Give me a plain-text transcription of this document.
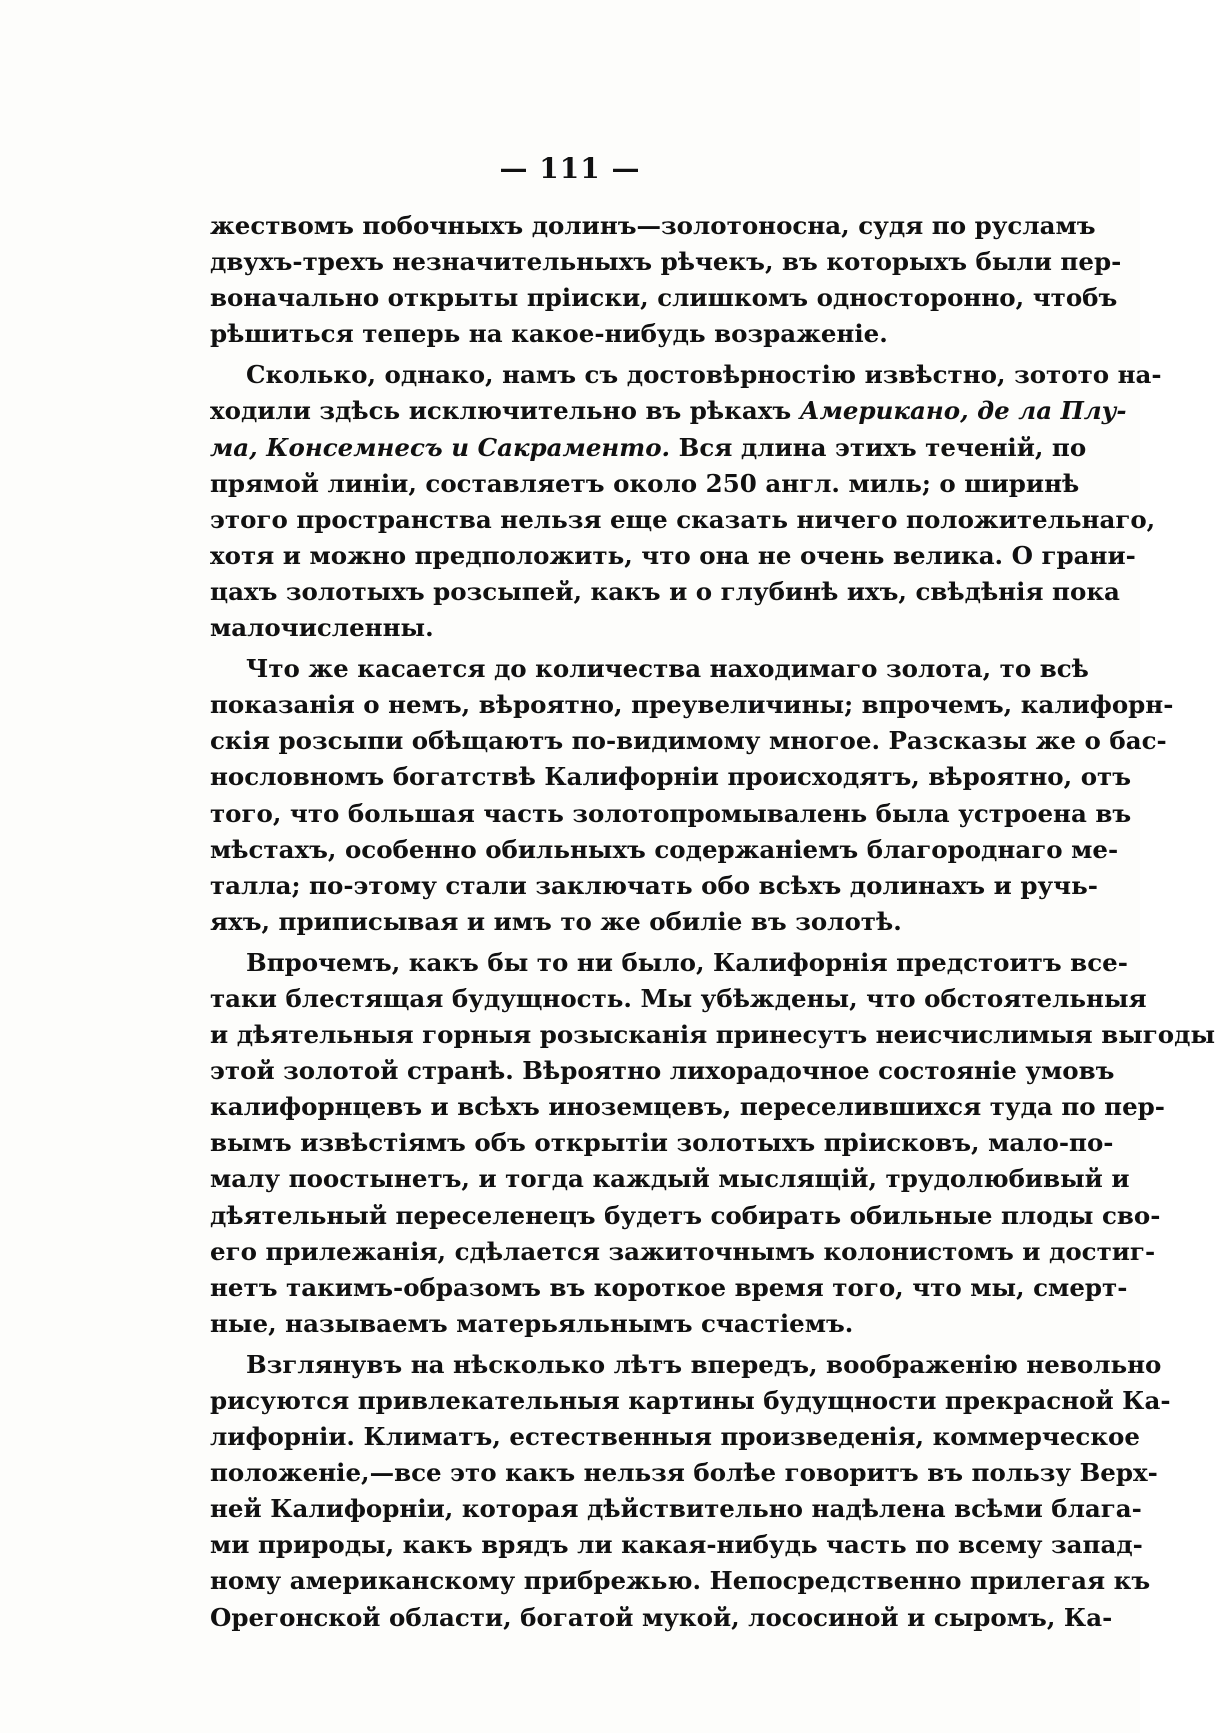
— 111 —
жествомъ побочныхъ долинъ—золотоносна, судя по русламъ
двухъ-трехъ незначительныхъ рѣчекъ, въ которыхъ были пер-
воначально открыты пріиски, слишкомъ односторонно, чтобъ
рѣшиться теперь на какое-нибудь возраженіе.
Сколько, однако, намъ съ достовѣрностію извѣстно, зототo на-
ходили здѣсь исключительно въ рѣкахъ Американо, де ла Плу-
ма, Консемнесъ и Сакраменто. Вся длина этихъ теченій, по
прямой линіи, составляетъ около 250 англ. миль; о ширинѣ
этого пространства нельзя еще сказать ничего положительнаго,
хотя и можно предположить, что она не очень велика. О грани-
цахъ золотыхъ розсыпей, какъ и о глубинѣ ихъ, свѣдѣнія пока
малочисленны.
Что же касается до количества находимаго золота, то всѣ
показанія о немъ, вѣроятно, преувеличины; впрочемъ, калифорн-
скія розсыпи обѣщаютъ по-видимому многое. Разсказы же о бас-
нословномъ богатствѣ Калифорніи происходятъ, вѣроятно, отъ
того, что большая часть золотопромывалень была устроена въ
мѣстахъ, особенно обильныхъ содержаніемъ благороднаго ме-
талла; по-этому стали заключать обо всѣхъ долинахъ и ручь-
яхъ, приписывая и имъ то же обиліе въ золотѣ.
Впрочемъ, какъ бы то ни было, Калифорнія предстоитъ все-
таки блестящая будущность. Мы убѣждены, что обстоятельныя
и дѣятельныя горныя розысканія принесутъ неисчислимыя выгоды
этой золотой странѣ. Вѣроятно лихорадочное состояніе умовъ
калифорнцевъ и всѣхъ иноземцевъ, переселившихся туда по пер-
вымъ извѣстіямъ объ открытіи золотыхъ пріисковъ, мало-по-
малу поостынетъ, и тогда каждый мыслящій, трудолюбивый и
дѣятельный переселенецъ будетъ собирать обильные плоды сво-
его прилежанія, сдѣлается зажиточнымъ колонистомъ и достиг-
нетъ такимъ-образомъ въ короткое время того, что мы, смерт-
ные, называемъ матерьяльнымъ счастіемъ.
Взглянувъ на нѣсколько лѣтъ впередъ, воображенію невольно
рисуются привлекательныя картины будущности прекрасной Ка-
лифорніи. Климатъ, естественныя произведенія, коммерческое
положеніе,—все это какъ нельзя болѣе говоритъ въ пользу Верх-
ней Калифорніи, которая дѣйствительно надѣлена всѣми блага-
ми природы, какъ врядъ ли какая-нибудь часть по всему запад-
ному американскому прибрежью. Непосредственно прилегая къ
Орегонской области, богатой мукой, лососиной и сыромъ, Ка-
